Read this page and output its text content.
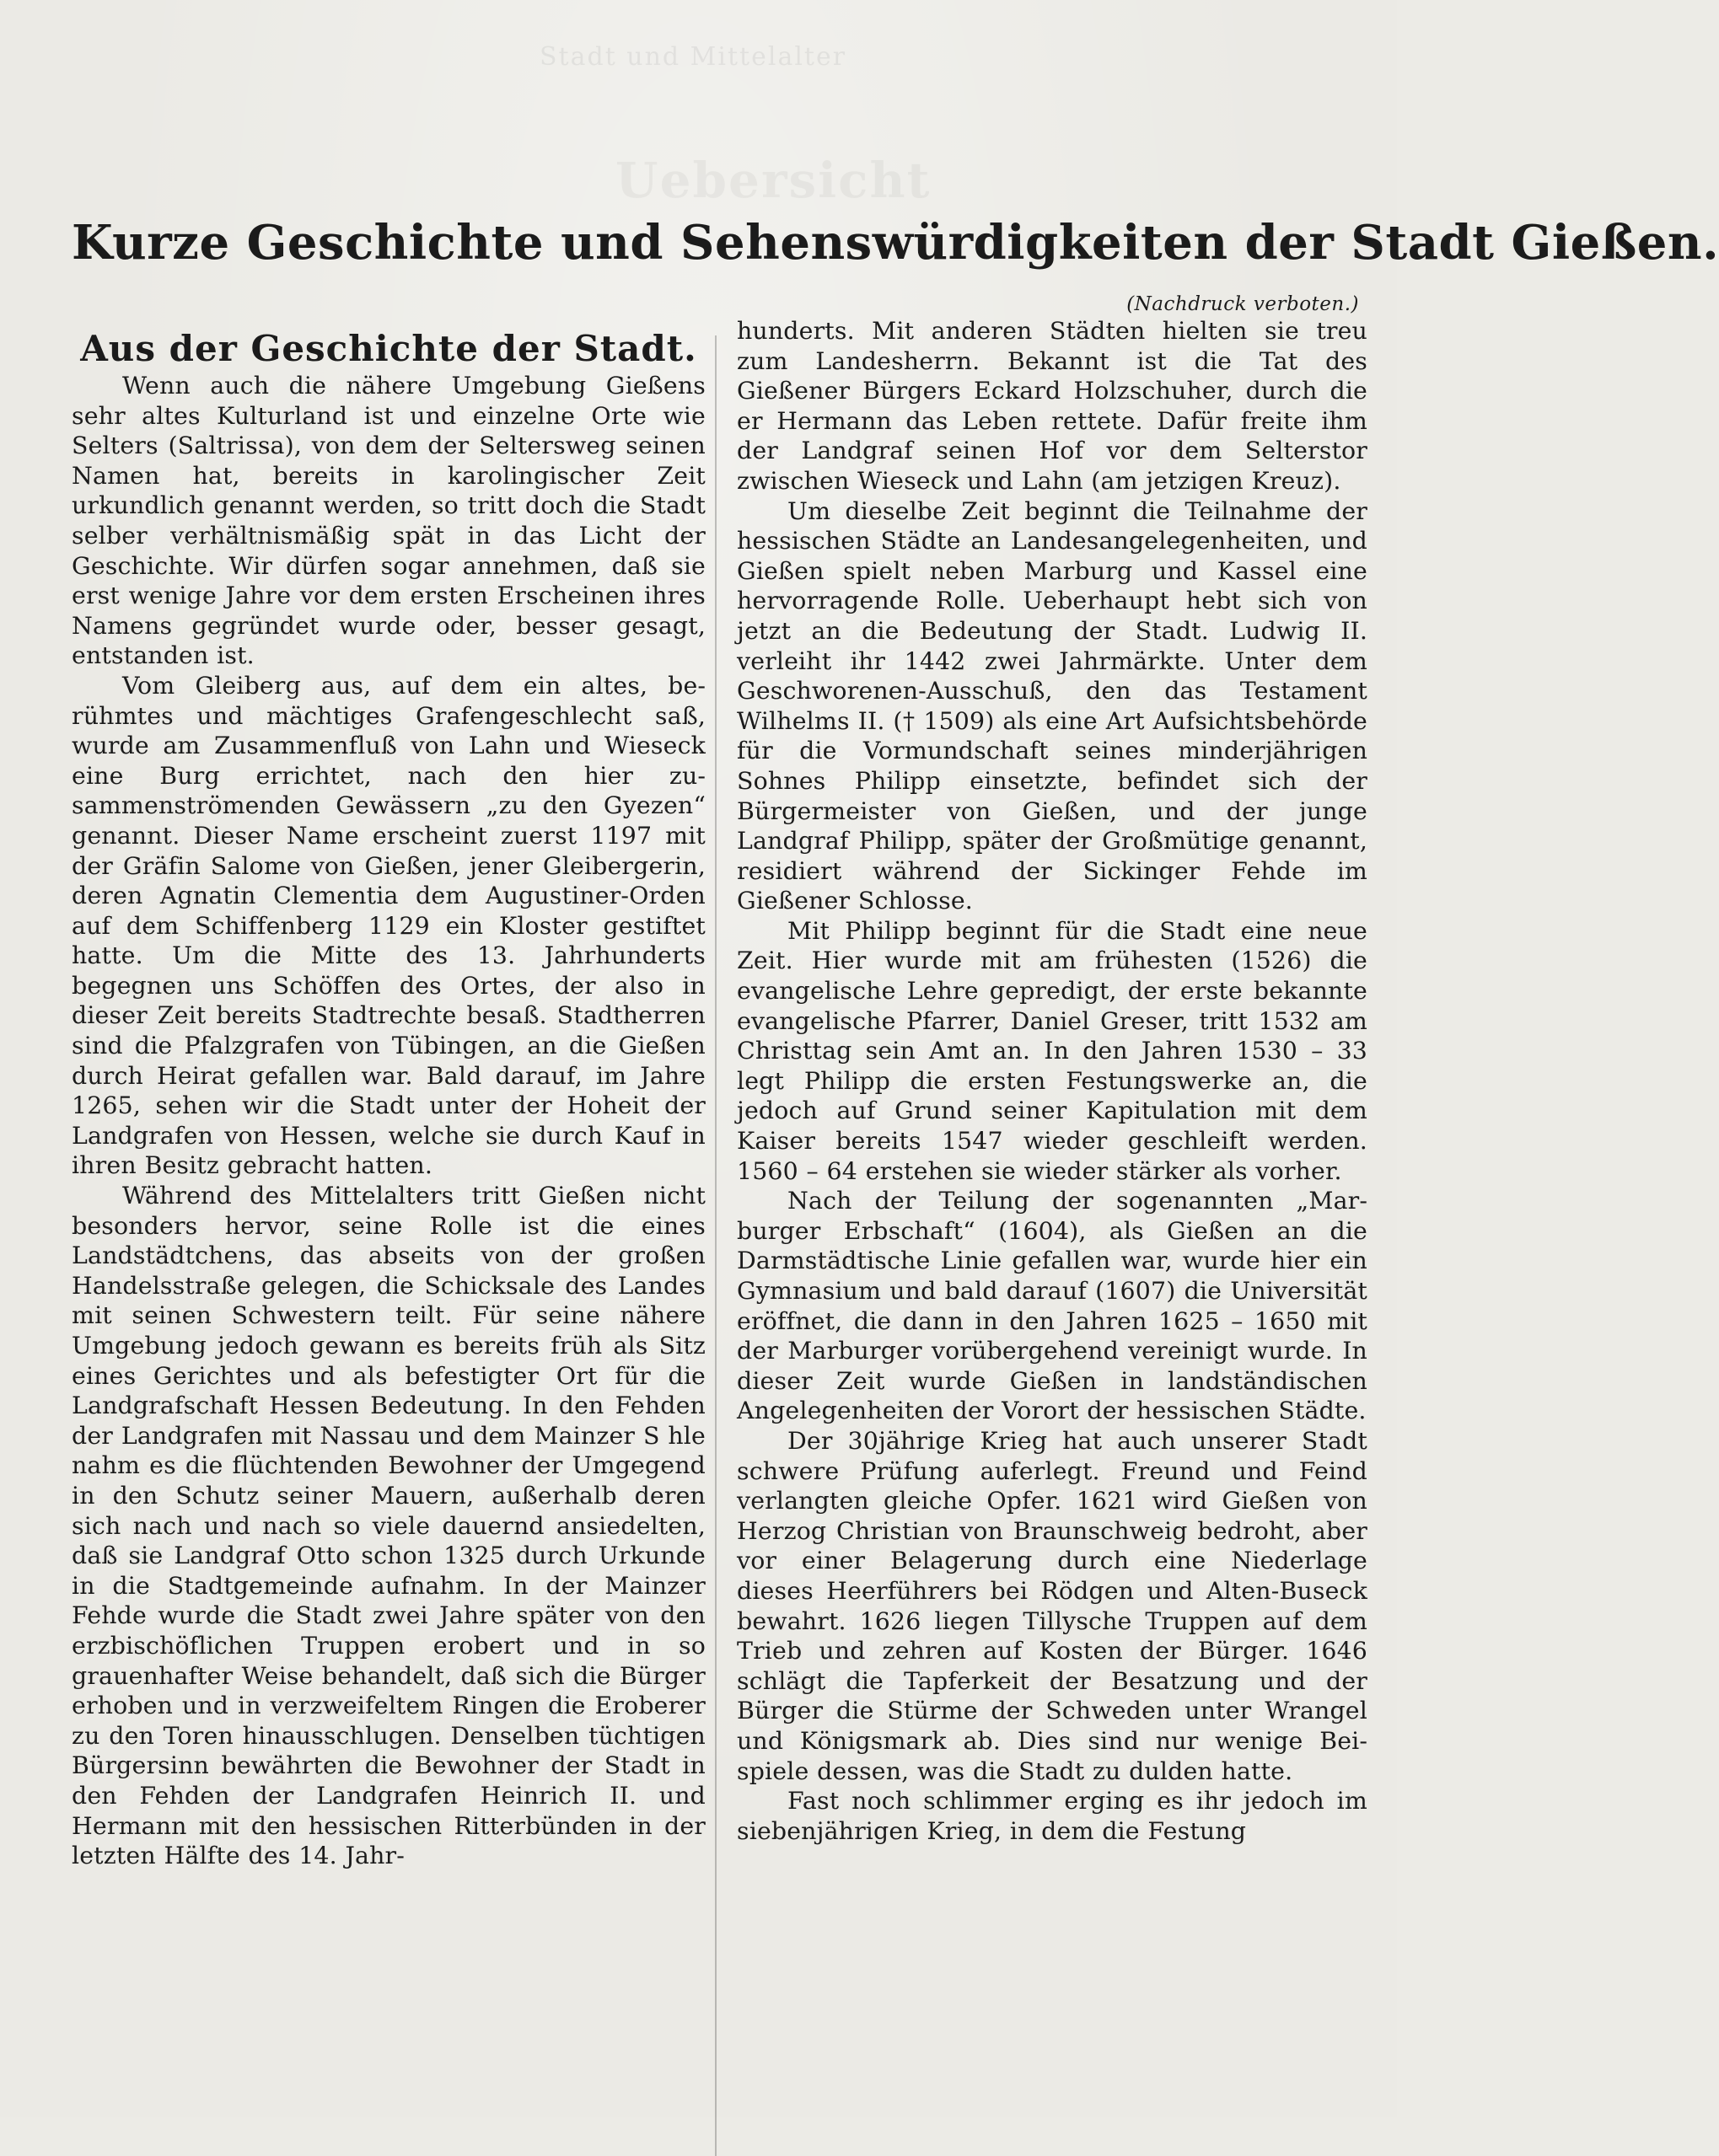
Stadt und Mittelalter
Kurze Geschichte und Sehenswürdigkeiten der Stadt Gießen.
(Nachdruck verboten.)
Aus der Geschichte der Stadt.

Wenn auch die nähere Umgebung Gießens sehr altes Kulturland ist und einzelne Orte wie Selters (Saltrissa), von dem der Seltersweg seinen Namen hat, bereits in karolingischer Zeit urkundlich genannt werden, so tritt doch die Stadt selber verhältnismäßig spät in das Licht der Geschichte. Wir dürfen sogar annehmen, daß sie erst wenige Jahre vor dem ersten Erscheinen ihres Namens gegründet wurde oder, besser gesagt, entstanden ist.

Vom Gleiberg aus, auf dem ein altes, berühmtes und mächtiges Grafengeschlecht saß, wurde am Zusammenfluß von Lahn und Wieseck eine Burg errichtet, nach den hier zusammenströmenden Gewässern „zu den Gyezen“ genannt. Dieser Name erscheint zuerst 1197 mit der Gräfin Salome von Gießen, jener Gleibergerin, deren Agnatin Clementia dem Augustiner-Orden auf dem Schiffenberg 1129 ein Kloster gestiftet hatte. Um die Mitte des 13. Jahrhunderts begegnen uns Schöffen des Ortes, der also in dieser Zeit bereits Stadtrechte besaß. Stadtherren sind die Pfalzgrafen von Tübingen, an die Gießen durch Heirat gefallen war. Bald darauf, im Jahre 1265, sehen wir die Stadt unter der Hoheit der Landgrafen von Hessen, welche sie durch Kauf in ihren Besitz gebracht hatten.

Während des Mittelalters tritt Gießen nicht besonders hervor, seine Rolle ist die eines Landstädtchens, das abseits von der großen Handelsstraße gelegen, die Schicksale des Landes mit seinen Schwestern teilt. Für seine nähere Umgebung jedoch gewann es bereits früh als Sitz eines Gerichtes und als befestigter Ort für die Landgrafschaft Hessen Bedeutung. In den Fehden der Landgrafen mit Nassau und dem Mainzer S hle nahm es die flüchtenden Bewohner der Umgegend in den Schutz seiner Mauern, außerhalb deren sich nach und nach so viele dauernd ansiedelten, daß sie Landgraf Otto schon 1325 durch Urkunde in die Stadtgemeinde aufnahm. In der Mainzer Fehde wurde die Stadt zwei Jahre später von den erzbischöflichen Truppen erobert und in so grauenhafter Weise behandelt, daß sich die Bürger erhoben und in verzweifeltem Ringen die Eroberer zu den Toren hinausschlugen. Denselben tüchtigen Bürgersinn bewährten die Bewohner der Stadt in den Fehden der Landgrafen Heinrich II. und Hermann mit den hessischen Ritterbünden in der letzten Hälfte des 14. Jahr-

hunderts. Mit anderen Städten hielten sie treu zum Landesherrn. Bekannt ist die Tat des Gießener Bürgers Eckard Holzschuher, durch die er Hermann das Leben rettete. Dafür freite ihm der Landgraf seinen Hof vor dem Selterstor zwischen Wieseck und Lahn (am jetzigen Kreuz).

Um dieselbe Zeit beginnt die Teilnahme der hessischen Städte an Landesangelegenheiten, und Gießen spielt neben Marburg und Kassel eine hervorragende Rolle. Ueberhaupt hebt sich von jetzt an die Bedeutung der Stadt. Ludwig II. verleiht ihr 1442 zwei Jahrmärkte. Unter dem Geschworenen-Ausschuß, den das Testament Wilhelms II. († 1509) als eine Art Aufsichtsbehörde für die Vormundschaft seines minderjährigen Sohnes Philipp einsetzte, befindet sich der Bürgermeister von Gießen, und der junge Landgraf Philipp, später der Großmütige genannt, residiert während der Sickinger Fehde im Gießener Schlosse.

Mit Philipp beginnt für die Stadt eine neue Zeit. Hier wurde mit am frühesten (1526) die evangelische Lehre gepredigt, der erste bekannte evangelische Pfarrer, Daniel Greser, tritt 1532 am Christtag sein Amt an. In den Jahren 1530 – 33 legt Philipp die ersten Festungswerke an, die jedoch auf Grund seiner Kapitulation mit dem Kaiser bereits 1547 wieder geschleift werden. 1560 – 64 erstehen sie wieder stärker als vorher.

Nach der Teilung der sogenannten „Marburger Erbschaft“ (1604), als Gießen an die Darmstädtische Linie gefallen war, wurde hier ein Gymnasium und bald darauf (1607) die Universität eröffnet, die dann in den Jahren 1625 – 1650 mit der Marburger vorübergehend vereinigt wurde. In dieser Zeit wurde Gießen in landständischen Angelegenheiten der Vorort der hessischen Städte.

Der 30jährige Krieg hat auch unserer Stadt schwere Prüfung auferlegt. Freund und Feind verlangten gleiche Opfer. 1621 wird Gießen von Herzog Christian von Braunschweig bedroht, aber vor einer Belagerung durch eine Niederlage dieses Heerführers bei Rödgen und Alten-Buseck bewahrt. 1626 liegen Tillysche Truppen auf dem Trieb und zehren auf Kosten der Bürger. 1646 schlägt die Tapferkeit der Besatzung und der Bürger die Stürme der Schweden unter Wrangel und Königsmark ab. Dies sind nur wenige Beispiele dessen, was die Stadt zu dulden hatte.

Fast noch schlimmer erging es ihr jedoch im siebenjährigen Krieg, in dem die Festung
